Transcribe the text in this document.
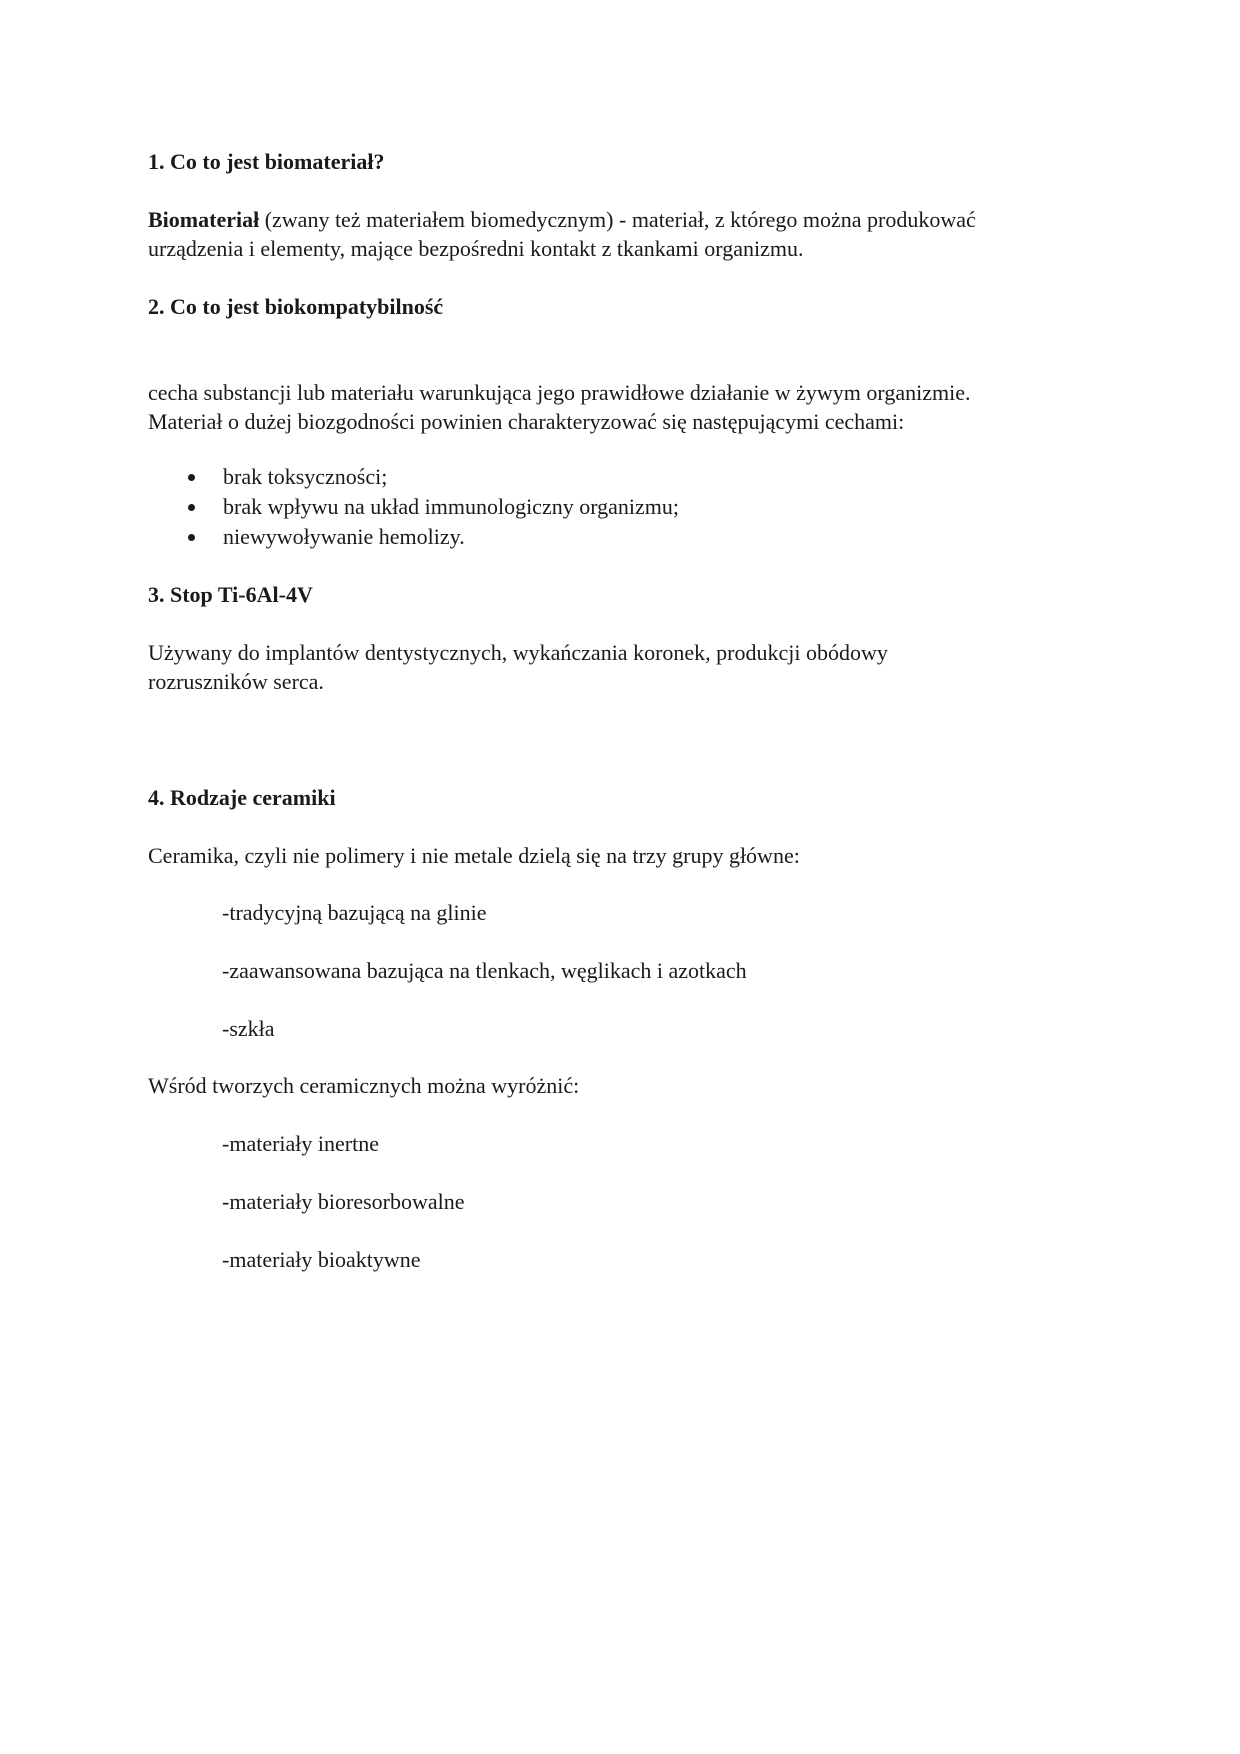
1. Co to jest biomateriał?

Biomateriał (zwany też materiałem biomedycznym) - materiał, z którego można produkować

urządzenia i elementy, mające bezpośredni kontakt z tkankami organizmu.

2. Co to jest biokompatybilność

cecha substancji lub materiału warunkująca jego prawidłowe działanie w żywym organizmie.

Materiał o dużej biozgodności powinien charakteryzować się następującymi cechami:

brak toksyczności;
brak wpływu na układ immunologiczny organizmu;
niewywoływanie hemolizy.

3. Stop Ti-6Al-4V

Używany do implantów dentystycznych, wykańczania koronek, produkcji obódowy

rozruszników serca.

4. Rodzaje ceramiki

Ceramika, czyli nie polimery i nie metale dzielą się na trzy grupy główne:

-tradycyjną bazującą na glinie

-zaawansowana bazująca na tlenkach, węglikach i azotkach

-szkła

Wśród tworzych ceramicznych można wyróżnić:

-materiały inertne

-materiały bioresorbowalne

-materiały bioaktywne
